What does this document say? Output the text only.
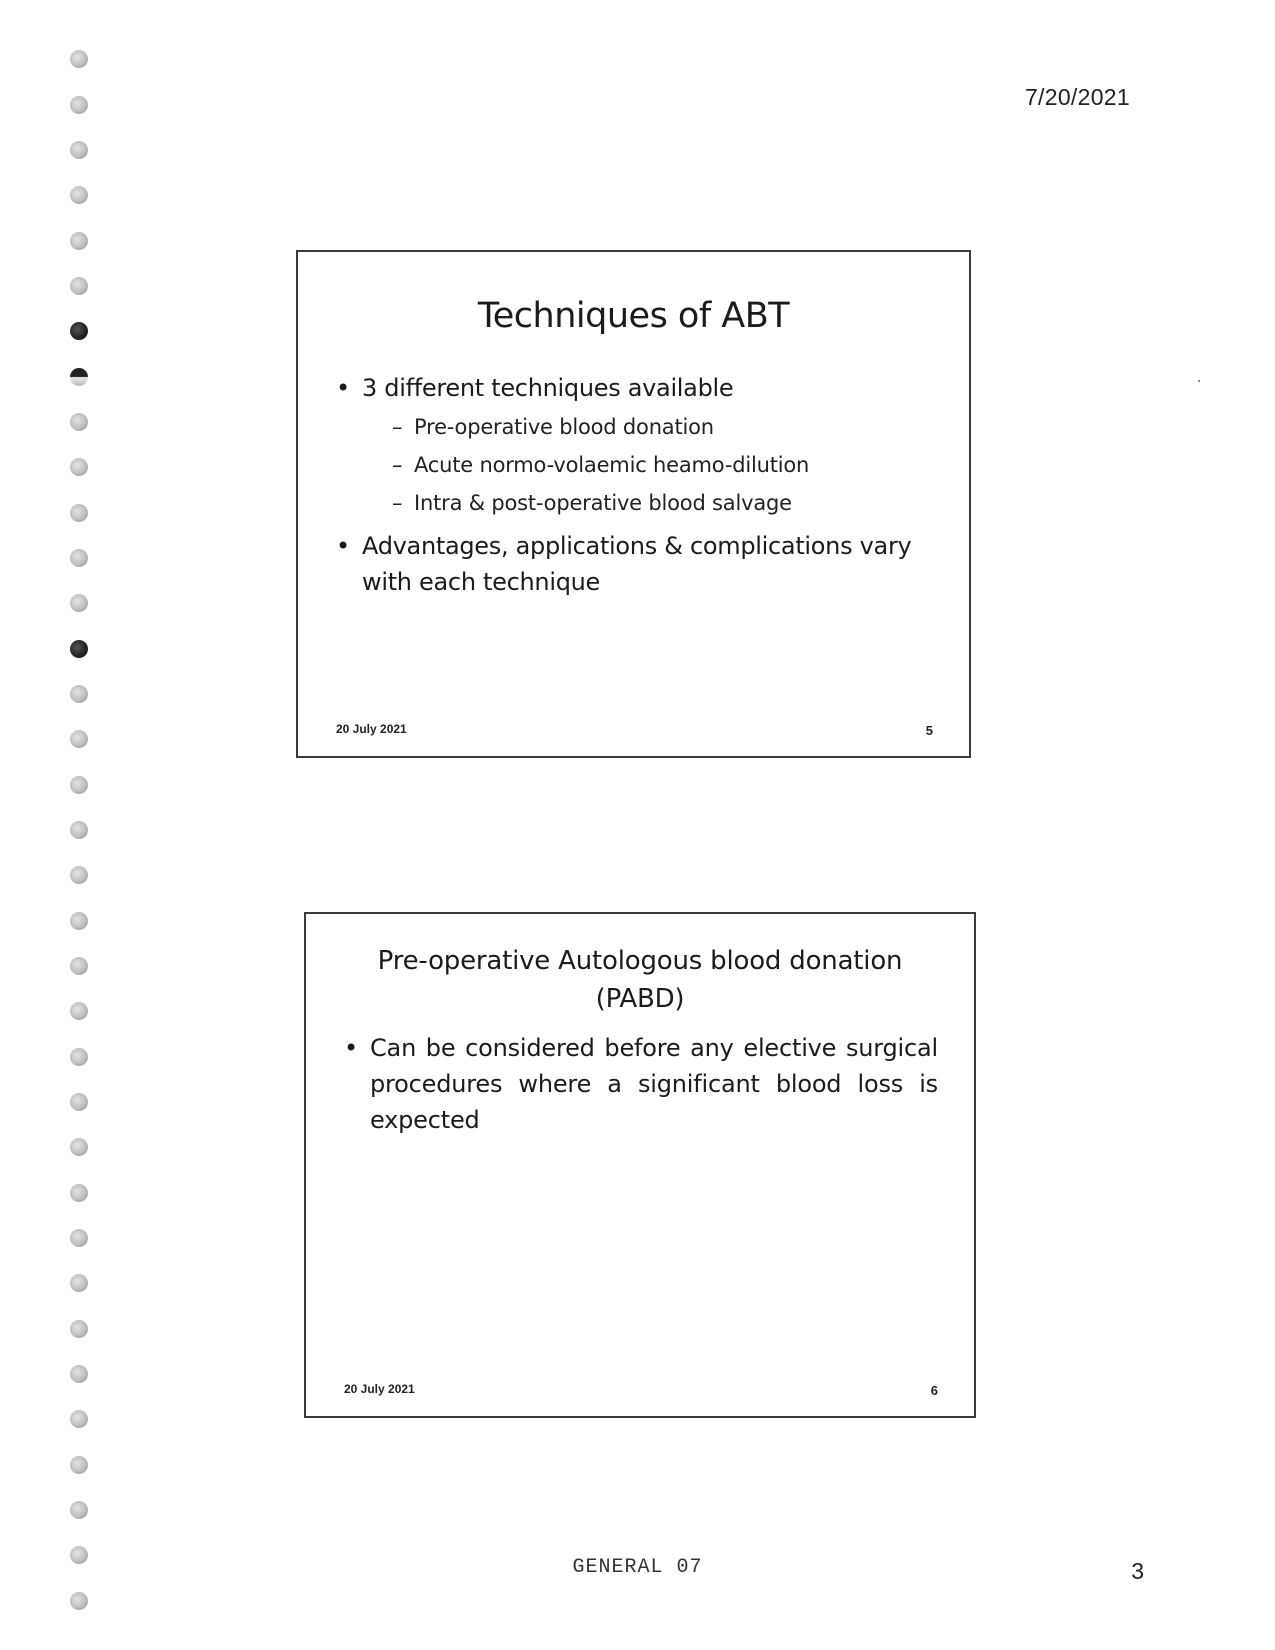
7/20/2021
Techniques of ABT
• 3 different techniques available
– Pre-operative blood donation
– Acute normo-volaemic heamo-dilution
– Intra & post-operative blood salvage
• Advantages, applications & complications vary with each technique
20 July 2021	5
Pre-operative Autologous blood donation
(PABD)
• Can be considered before any elective surgical procedures where a significant blood loss is expected
20 July 2021	6
GENERAL 07	3
